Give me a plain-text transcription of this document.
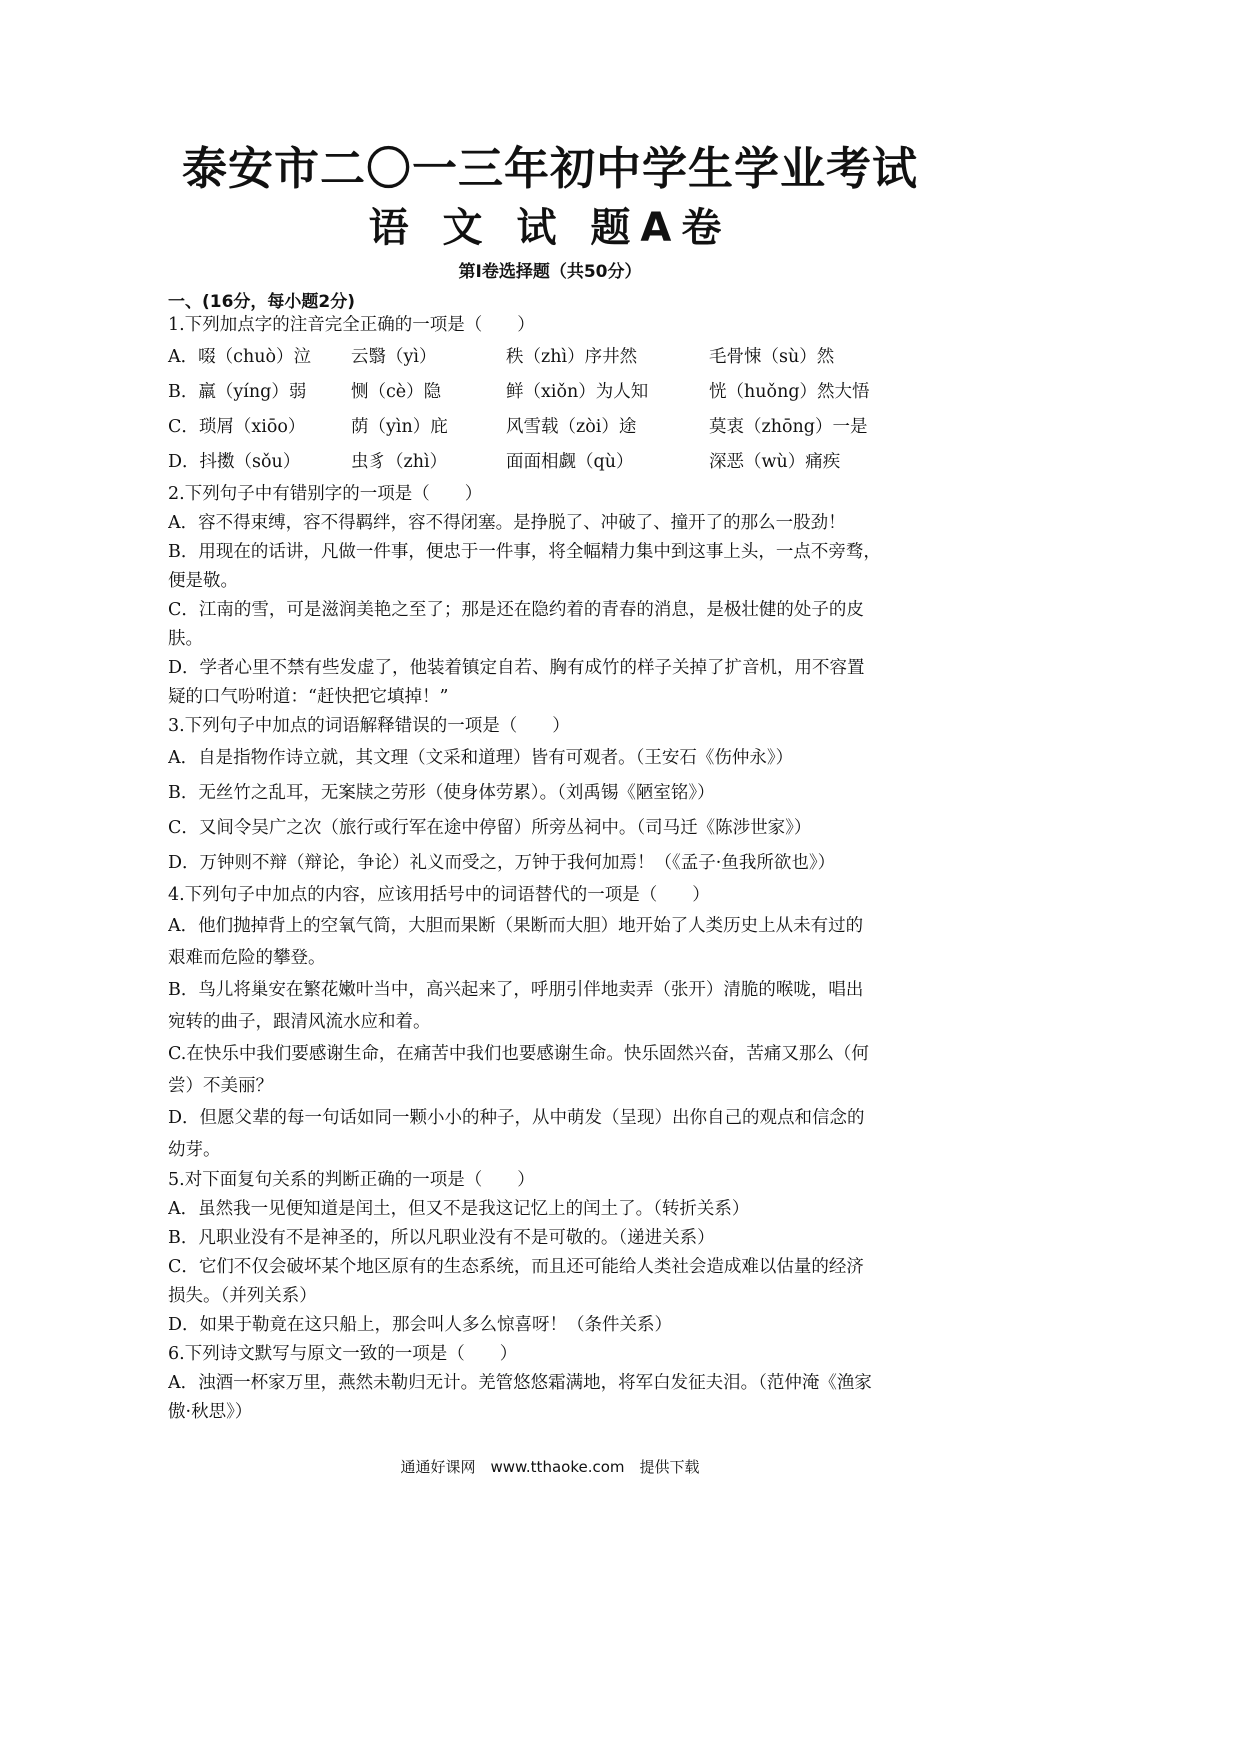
泰安市二〇一三年初中学生学业考试
语 文 试 题A卷
第Ⅰ卷选择题（共50分）
一、(16分，每小题2分)
1.下列加点字的注音完全正确的一项是（　　）
A．啜（chuò）泣	云翳（yì）	秩（zhì）序井然	毛骨悚（sù）然
B．羸（yíng）弱	恻（cè）隐	鲜（xiǒn）为人知	恍（huǒng）然大悟
C．琐屑（xiōo）	荫（yìn）庇	风雪载（zòi）途	莫衷（zhōng）一是
D．抖擞（sǒu）	虫豸（zhì）	面面相觑（qù）	深恶（wù）痛疾
2.下列句子中有错别字的一项是（　　）
A．容不得束缚，容不得羁绊，容不得闭塞。是挣脱了、冲破了、撞开了的那么一股劲！
B．用现在的话讲，凡做一件事，便忠于一件事，将全幅精力集中到这事上头，一点不旁骛，
便是敬。
C．江南的雪，可是滋润美艳之至了；那是还在隐约着的青春的消息，是极壮健的处子的皮
肤。
D．学者心里不禁有些发虚了，他装着镇定自若、胸有成竹的样子关掉了扩音机，用不容置
疑的口气吩咐道：“赶快把它填掉！”
3.下列句子中加点的词语解释错误的一项是（　　）
A．自是指物作诗立就，其文理（文采和道理）皆有可观者。（王安石《伤仲永》）
B．无丝竹之乱耳，无案牍之劳形（使身体劳累）。（刘禹锡《陋室铭》）
C．又间令吴广之次（旅行或行军在途中停留）所旁丛祠中。（司马迁《陈涉世家》）
D．万钟则不辩（辩论，争论）礼义而受之，万钟于我何加焉！（《孟子·鱼我所欲也》）
4.下列句子中加点的内容，应该用括号中的词语替代的一项是（　　）
A．他们抛掉背上的空氧气筒，大胆而果断（果断而大胆）地开始了人类历史上从未有过的
艰难而危险的攀登。
B．鸟儿将巢安在繁花嫩叶当中，高兴起来了，呼朋引伴地卖弄（张开）清脆的喉咙，唱出
宛转的曲子，跟清风流水应和着。
C.在快乐中我们要感谢生命，在痛苦中我们也要感谢生命。快乐固然兴奋，苦痛又那么（何
尝）不美丽？
D．但愿父辈的每一句话如同一颗小小的种子，从中萌发（呈现）出你自己的观点和信念的
幼芽。
5.对下面复句关系的判断正确的一项是（　　）
A．虽然我一见便知道是闰土，但又不是我这记忆上的闰土了。（转折关系）
B．凡职业没有不是神圣的，所以凡职业没有不是可敬的。（递进关系）
C．它们不仅会破坏某个地区原有的生态系统，而且还可能给人类社会造成难以估量的经济
损失。（并列关系）
D．如果于勒竟在这只船上，那会叫人多么惊喜呀！（条件关系）
6.下列诗文默写与原文一致的一项是（　　）
A．浊酒一杯家万里，燕然未勒归无计。羌管悠悠霜满地，将军白发征夫泪。（范仲淹《渔家
傲·秋思》）
通通好课网　www.tthaoke.com　提供下载
